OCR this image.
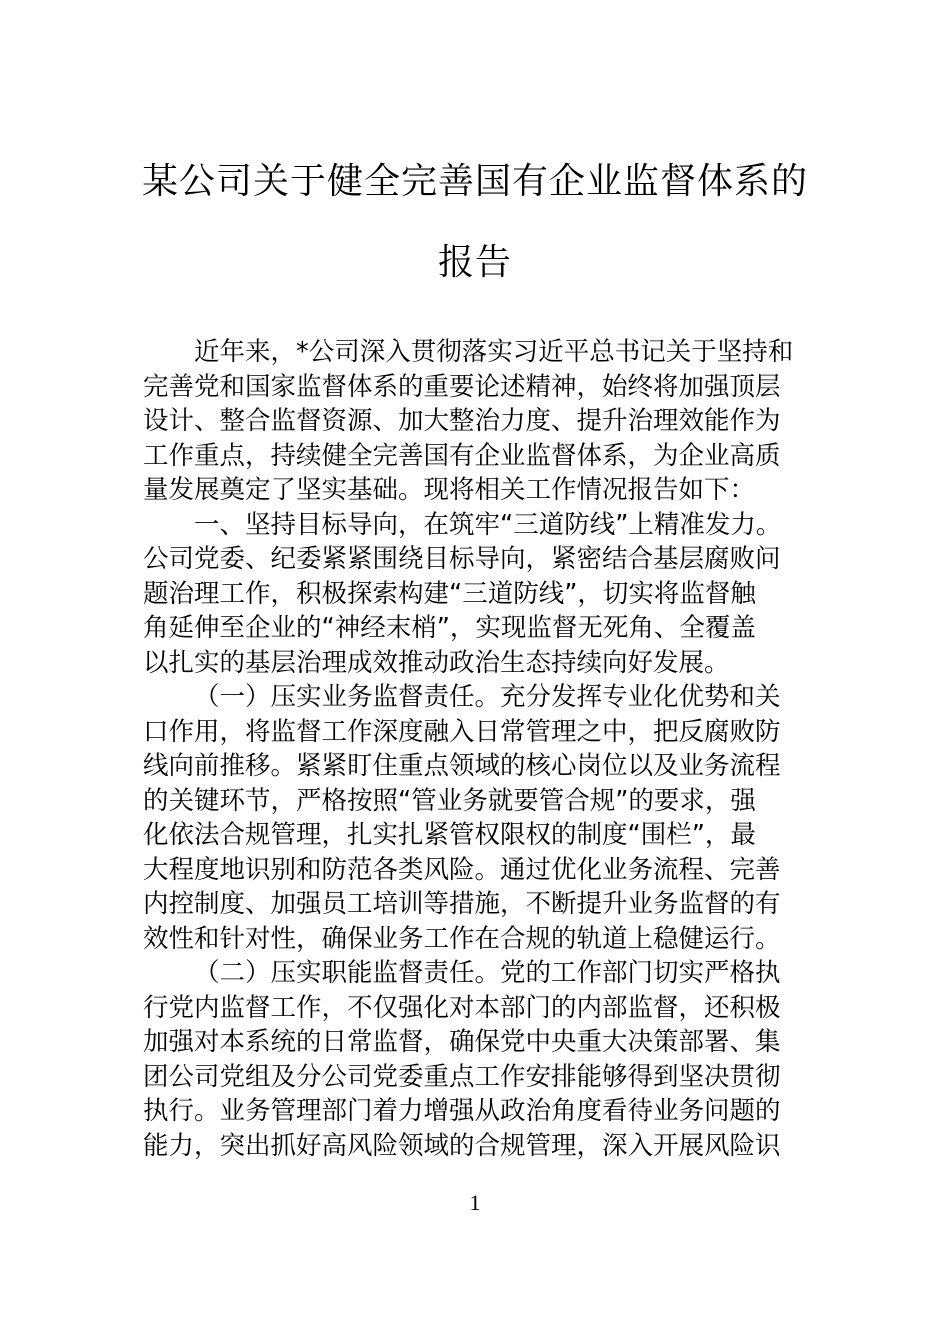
某公司关于健全完善国有企业监督体系的
报告
近年来，*公司深入贯彻落实习近平总书记关于坚持和
完善党和国家监督体系的重要论述精神，始终将加强顶层
设计、整合监督资源、加大整治力度、提升治理效能作为
工作重点，持续健全完善国有企业监督体系，为企业高质
量发展奠定了坚实基础。现将相关工作情况报告如下：
一、坚持目标导向，在筑牢“三道防线”上精准发力。
公司党委、纪委紧紧围绕目标导向，紧密结合基层腐败问
题治理工作，积极探索构建“三道防线”，切实将监督触
角延伸至企业的“神经末梢”，实现监督无死角、全覆盖
以扎实的基层治理成效推动政治生态持续向好发展。
（一）压实业务监督责任。充分发挥专业化优势和关
口作用，将监督工作深度融入日常管理之中，把反腐败防
线向前推移。紧紧盯住重点领域的核心岗位以及业务流程
的关键环节，严格按照“管业务就要管合规”的要求，强
化依法合规管理，扎实扎紧管权限权的制度“围栏”，最
大程度地识别和防范各类风险。通过优化业务流程、完善
内控制度、加强员工培训等措施，不断提升业务监督的有
效性和针对性，确保业务工作在合规的轨道上稳健运行。
（二）压实职能监督责任。党的工作部门切实严格执
行党内监督工作，不仅强化对本部门的内部监督，还积极
加强对本系统的日常监督，确保党中央重大决策部署、集
团公司党组及分公司党委重点工作安排能够得到坚决贯彻
执行。业务管理部门着力增强从政治角度看待业务问题的
能力，突出抓好高风险领域的合规管理，深入开展风险识
1
